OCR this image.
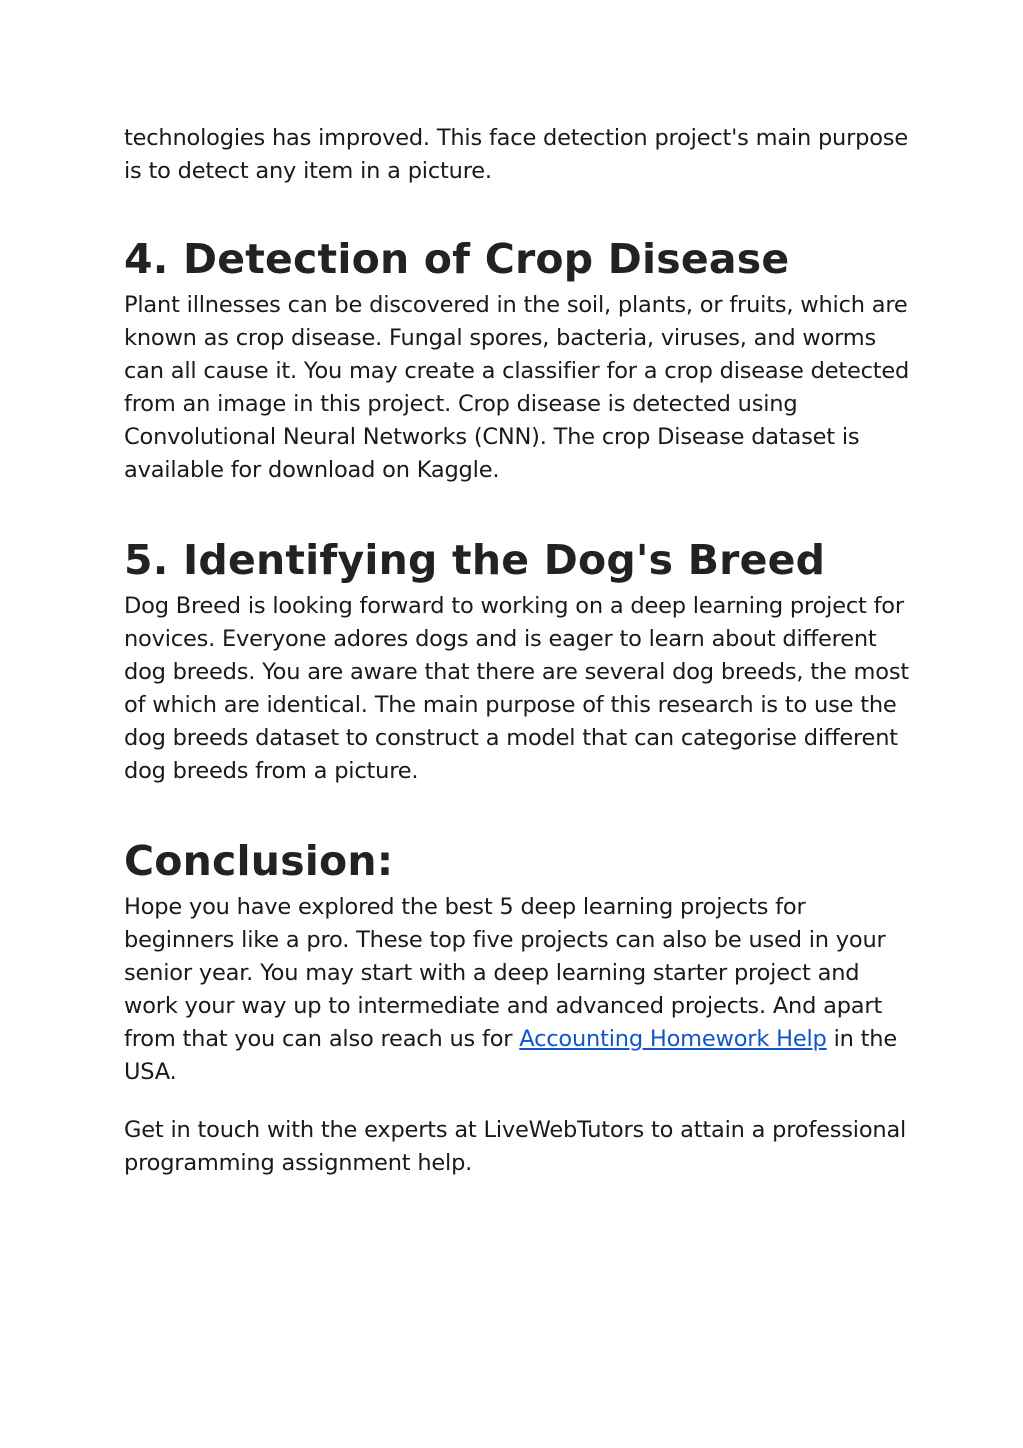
technologies has improved. This face detection project's main purpose is to detect any item in a picture.

4. Detection of Crop Disease

Plant illnesses can be discovered in the soil, plants, or fruits, which are known as crop disease. Fungal spores, bacteria, viruses, and worms can all cause it. You may create a classifier for a crop disease detected from an image in this project. Crop disease is detected using Convolutional Neural Networks (CNN). The crop Disease dataset is available for download on Kaggle.

5. Identifying the Dog's Breed

Dog Breed is looking forward to working on a deep learning project for novices. Everyone adores dogs and is eager to learn about different dog breeds. You are aware that there are several dog breeds, the most of which are identical. The main purpose of this research is to use the dog breeds dataset to construct a model that can categorise different dog breeds from a picture.

Conclusion:

Hope you have explored the best 5 deep learning projects for beginners like a pro. These top five projects can also be used in your senior year. You may start with a deep learning starter project and work your way up to intermediate and advanced projects. And apart from that you can also reach us for Accounting Homework Help in the USA.

Get in touch with the experts at LiveWebTutors to attain a professional programming assignment help.
